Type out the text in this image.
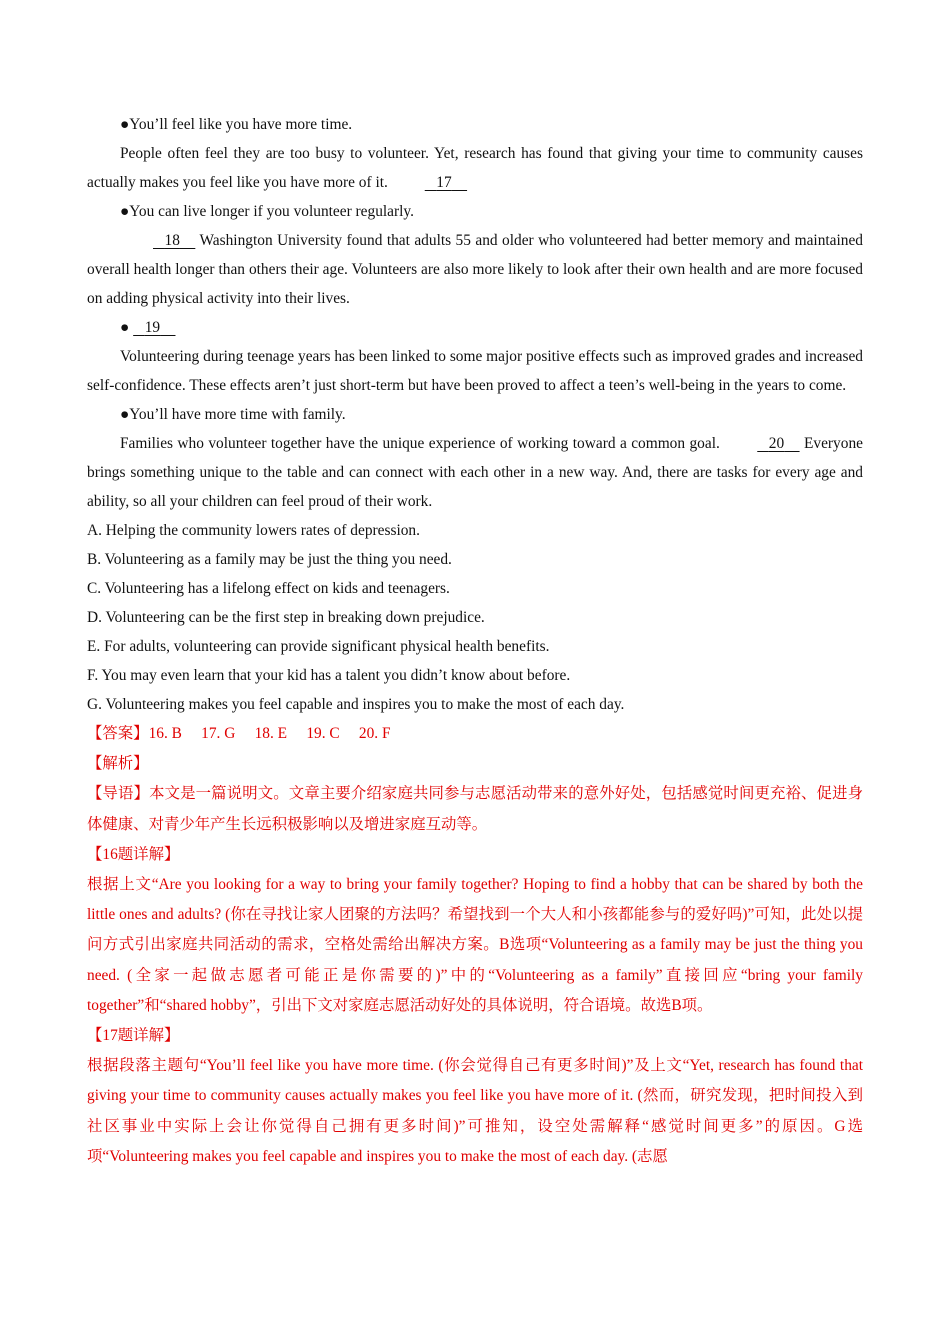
●You’ll feel like you have more time.

People often feel they are too busy to volunteer. Yet, research has found that giving your time to community causes actually makes you feel like you have more of it.	17

●You can live longer if you volunteer regularly.

18 Washington University found that adults 55 and older who volunteered had better memory and maintained overall health longer than others their age. Volunteers are also more likely to look after their own health and are more focused on adding physical activity into their lives.

● 19

Volunteering during teenage years has been linked to some major positive effects such as improved grades and increased self-confidence. These effects aren’t just short-term but have been proved to affect a teen’s well-being in the years to come.

●You’ll have more time with family.

Families who volunteer together have the unique experience of working toward a common goal.	20 Everyone brings something unique to the table and can connect with each other in a new way. And, there are tasks for every age and ability, so all your children can feel proud of their work.

A. Helping the community lowers rates of depression.

B. Volunteering as a family may be just the thing you need.

C. Volunteering has a lifelong effect on kids and teenagers.

D. Volunteering can be the first step in breaking down prejudice.

E. For adults, volunteering can provide significant physical health benefits.

F. You may even learn that your kid has a talent you didn’t know about before.

G. Volunteering makes you feel capable and inspires you to make the most of each day.

【答案】16. B　 17. G　 18. E　 19. C　 20. F

【解析】

【导语】本文是一篇说明文。文章主要介绍家庭共同参与志愿活动带来的意外好处，包括感觉时间更充裕、促进身体健康、对青少年产生长远积极影响以及增进家庭互动等。

【16题详解】

根据上文“Are you looking for a way to bring your family together? Hoping to find a hobby that can be shared by both the little ones and adults? (你在寻找让家人团聚的方法吗？希望找到一个大人和小孩都能参与的爱好吗)”可知，此处以提问方式引出家庭共同活动的需求，空格处需给出解决方案。B选项“Volunteering as a family may be just the thing you need. (全家一起做志愿者可能正是你需要的)”中的“Volunteering as a family”直接回应“bring your family together”和“shared hobby”，引出下文对家庭志愿活动好处的具体说明，符合语境。故选B项。

【17题详解】

根据段落主题句“You’ll feel like you have more time. (你会觉得自己有更多时间)”及上文“Yet, research has found that giving your time to community causes actually makes you feel like you have more of it. (然而，研究发现，把时间投入到社区事业中实际上会让你觉得自己拥有更多时间)”可推知，设空处需解释“感觉时间更多”的原因。G选项“Volunteering makes you feel capable and inspires you to make the most of each day. (志愿
